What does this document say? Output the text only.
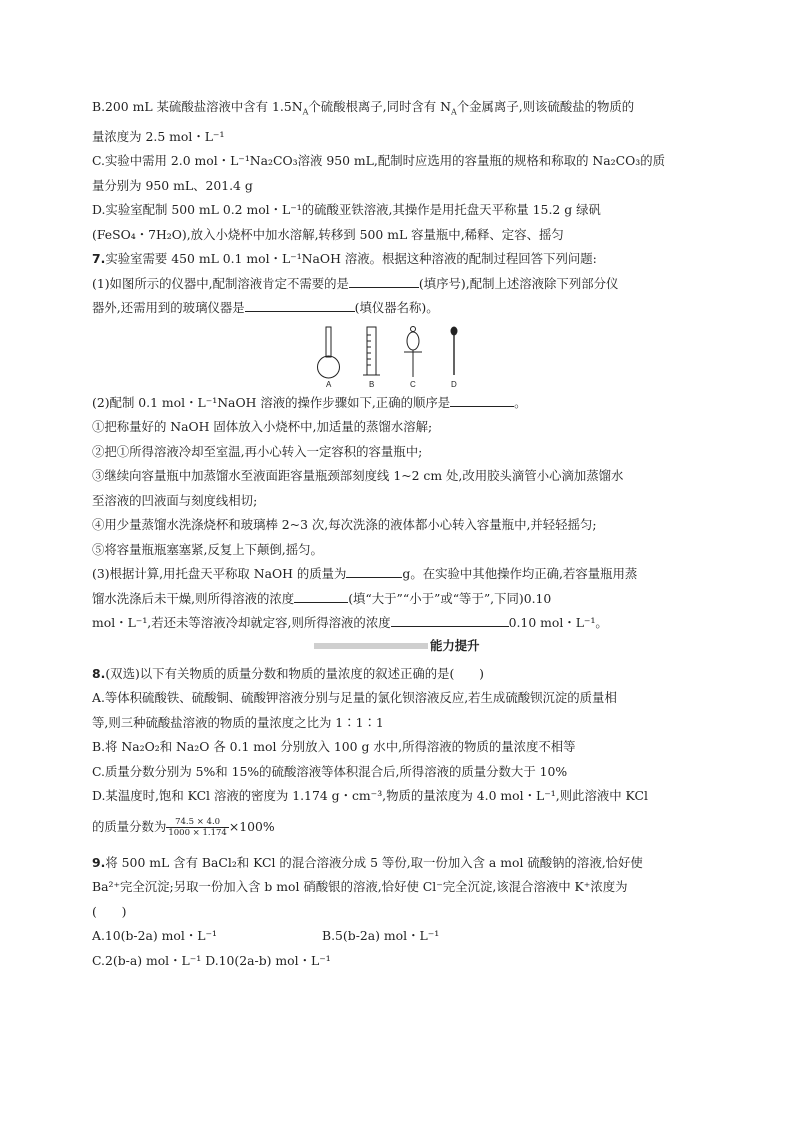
B.200 mL 某硫酸盐溶液中含有 $1.5N_A$个硫酸根离子,同时含有 $N_A$个金属离子,则该硫酸盐的物质的
量浓度为 2.5 mol・L⁻¹
C.实验中需用 2.0 mol・L⁻¹Na₂CO₃溶液 950 mL,配制时应选用的容量瓶的规格和称取的 Na₂CO₃的质
量分别为 950 mL、201.4 g
D.实验室配制 500 mL 0.2 mol・L⁻¹的硫酸亚铁溶液,其操作是用托盘天平称量 15.2 g 绿矾
(FeSO₄・7H₂O),放入小烧杯中加水溶解,转移到 500 mL 容量瓶中,稀释、定容、摇匀
7.实验室需要 450 mL 0.1 mol・L⁻¹NaOH 溶液。根据这种溶液的配制过程回答下列问题:
(1)如图所示的仪器中,配制溶液肯定不需要的是	(填序号),配制上述溶液除下列部分仪
器外,还需用到的玻璃仪器是	(填仪器名称)。
A	B	C	D
(2)配制 0.1 mol・L⁻¹NaOH 溶液的操作步骤如下,正确的顺序是	。
①把称量好的 NaOH 固体放入小烧杯中,加适量的蒸馏水溶解;
②把①所得溶液冷却至室温,再小心转入一定容积的容量瓶中;
③继续向容量瓶中加蒸馏水至液面距容量瓶颈部刻度线 1~2 cm 处,改用胶头滴管小心滴加蒸馏水
至溶液的凹液面与刻度线相切;
④用少量蒸馏水洗涤烧杯和玻璃棒 2~3 次,每次洗涤的液体都小心转入容量瓶中,并轻轻摇匀;
⑤将容量瓶瓶塞塞紧,反复上下颠倒,摇匀。
(3)根据计算,用托盘天平称取 NaOH 的质量为	g。在实验中其他操作均正确,若容量瓶用蒸
馏水洗涤后未干燥,则所得溶液的浓度	(填“大于”“小于”或“等于”,下同)0.10
mol・L⁻¹,若还未等溶液冷却就定容,则所得溶液的浓度	0.10 mol・L⁻¹。
能力提升
8.(双选)以下有关物质的质量分数和物质的量浓度的叙述正确的是(　　)
A.等体积硫酸铁、硫酸铜、硫酸钾溶液分别与足量的氯化钡溶液反应,若生成硫酸钡沉淀的质量相
等,则三种硫酸盐溶液的物质的量浓度之比为 1∶1∶1
B.将 Na₂O₂和 Na₂O 各 0.1 mol 分别放入 100 g 水中,所得溶液的物质的量浓度不相等
C.质量分数分别为 5%和 15%的硫酸溶液等体积混合后,所得溶液的质量分数大于 10%
D.某温度时,饱和 KCl 溶液的密度为 1.174 g・cm⁻³,物质的量浓度为 4.0 mol・L⁻¹,则此溶液中 KCl
的质量分数为 $\frac{74.5 \times 4.0}{1000 \times 1.174} \times 100\%$
9.将 500 mL 含有 BaCl₂和 KCl 的混合溶液分成 5 等份,取一份加入含 a mol 硫酸钠的溶液,恰好使
Ba²⁺完全沉淀;另取一份加入含 b mol 硝酸银的溶液,恰好使 Cl⁻完全沉淀,该混合溶液中 K⁺浓度为
(　　)
A.10(b-2a) mol・L⁻¹	B.5(b-2a) mol・L⁻¹
C.2(b-a) mol・L⁻¹ D.10(2a-b) mol・L⁻¹
